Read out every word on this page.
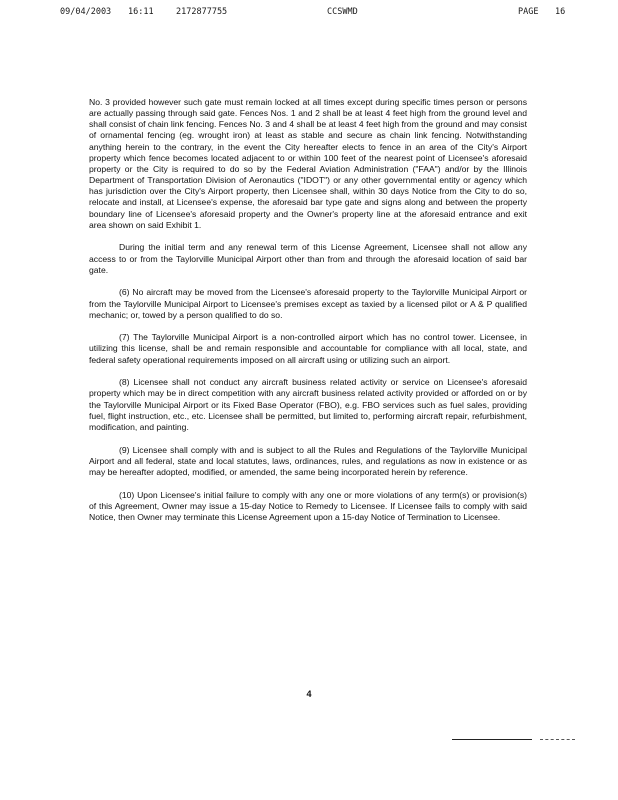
09/04/2003 16:11	2172877755	CCSWMD	PAGE 16

No. 3 provided however such gate must remain locked at all times except during specific times person or persons are actually passing through said gate. Fences Nos. 1 and 2 shall be at least 4 feet high from the ground level and shall consist of chain link fencing. Fences No. 3 and 4 shall be at least 4 feet high from the ground and may consist of ornamental fencing (eg. wrought iron) at least as stable and secure as chain link fencing. Notwithstanding anything herein to the contrary, in the event the City hereafter elects to fence in an area of the City's Airport property which fence becomes located adjacent to or within 100 feet of the nearest point of Licensee's aforesaid property or the City is required to do so by the Federal Aviation Administration ("FAA") and/or by the Illinois Department of Transportation Division of Aeronautics ("IDOT") or any other governmental entity or agency which has jurisdiction over the City's Airport property, then Licensee shall, within 30 days Notice from the City to do so, relocate and install, at Licensee's expense, the aforesaid bar type gate and signs along and between the property boundary line of Licensee's aforesaid property and the Owner's property line at the aforesaid entrance and exit area shown on said Exhibit 1.

During the initial term and any renewal term of this License Agreement, Licensee shall not allow any access to or from the Taylorville Municipal Airport other than from and through the aforesaid location of said bar gate.

(6) No aircraft may be moved from the Licensee's aforesaid property to the Taylorville Municipal Airport or from the Taylorville Municipal Airport to Licensee's premises except as taxied by a licensed pilot or A & P qualified mechanic; or, towed by a person qualified to do so.

(7) The Taylorville Municipal Airport is a non-controlled airport which has no control tower. Licensee, in utilizing this license, shall be and remain responsible and accountable for compliance with all local, state, and federal safety operational requirements imposed on all aircraft using or utilizing such an airport.

(8) Licensee shall not conduct any aircraft business related activity or service on Licensee's aforesaid property which may be in direct competition with any aircraft business related activity provided or afforded on or by the Taylorville Municipal Airport or its Fixed Base Operator (FBO), e.g. FBO services such as fuel sales, providing fuel, flight instruction, etc., etc. Licensee shall be permitted, but limited to, performing aircraft repair, refurbishment, modification, and painting.

(9) Licensee shall comply with and is subject to all the Rules and Regulations of the Taylorville Municipal Airport and all federal, state and local statutes, laws, ordinances, rules, and regulations as now in existence or as may be hereafter adopted, modified, or amended, the same being incorporated herein by reference.

(10) Upon Licensee's initial failure to comply with any one or more violations of any term(s) or provision(s) of this Agreement, Owner may issue a 15-day Notice to Remedy to Licensee. If Licensee fails to comply with said Notice, then Owner may terminate this License Agreement upon a 15-day Notice of Termination to Licensee.

4
